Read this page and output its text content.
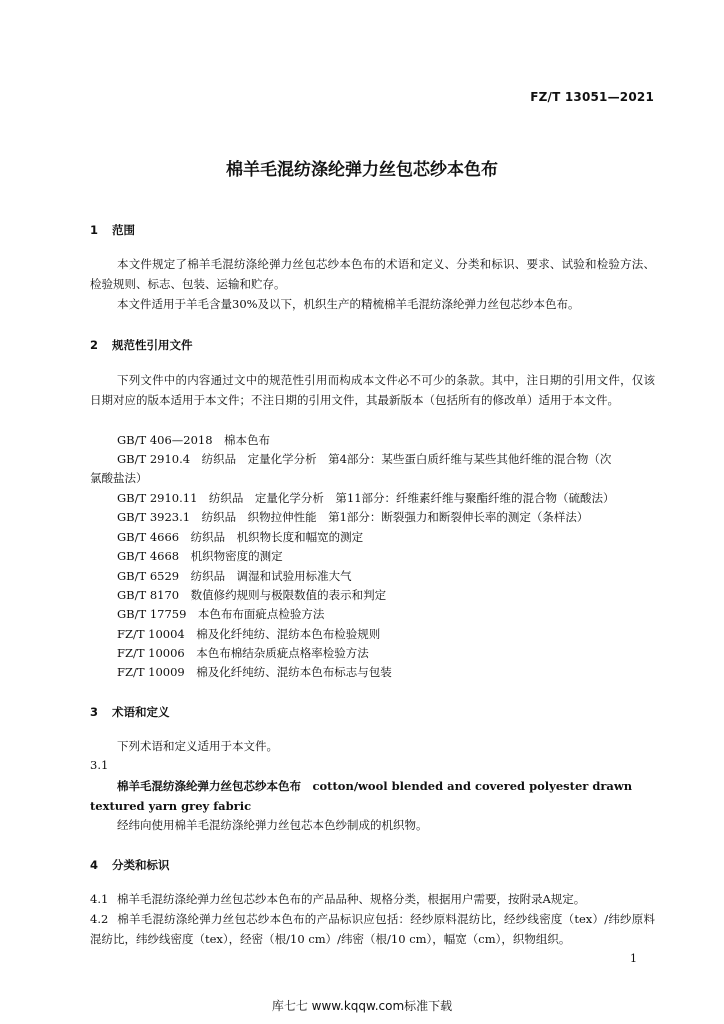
FZ/T 13051—2021
棉羊毛混纺涤纶弹力丝包芯纱本色布
1 范围
本文件规定了棉羊毛混纺涤纶弹力丝包芯纱本色布的术语和定义、分类和标识、要求、试验和检验方法、检验规则、标志、包装、运输和贮存。
本文件适用于羊毛含量30%及以下，机织生产的精梳棉羊毛混纺涤纶弹力丝包芯纱本色布。
2 规范性引用文件
下列文件中的内容通过文中的规范性引用而构成本文件必不可少的条款。其中，注日期的引用文件，仅该日期对应的版本适用于本文件；不注日期的引用文件，其最新版本（包括所有的修改单）适用于本文件。
GB/T 406—2018　棉本色布
GB/T 2910.4　纺织品　定量化学分析　第4部分：某些蛋白质纤维与某些其他纤维的混合物（次
氯酸盐法）
GB/T 2910.11　纺织品　定量化学分析　第11部分：纤维素纤维与聚酯纤维的混合物（硫酸法）
GB/T 3923.1　纺织品　织物拉伸性能　第1部分：断裂强力和断裂伸长率的测定（条样法）
GB/T 4666　纺织品　机织物长度和幅宽的测定
GB/T 4668　机织物密度的测定
GB/T 6529　纺织品　调湿和试验用标准大气
GB/T 8170　数值修约规则与极限数值的表示和判定
GB/T 17759　本色布布面疵点检验方法
FZ/T 10004　棉及化纤纯纺、混纺本色布检验规则
FZ/T 10006　本色布棉结杂质疵点格率检验方法
FZ/T 10009　棉及化纤纯纺、混纺本色布标志与包装
3 术语和定义
下列术语和定义适用于本文件。
3.1
棉羊毛混纺涤纶弹力丝包芯纱本色布　cotton/wool blended and covered polyester drawn textured yarn grey fabric
经纬向使用棉羊毛混纺涤纶弹力丝包芯本色纱制成的机织物。
4 分类和标识
4.1 棉羊毛混纺涤纶弹力丝包芯纱本色布的产品品种、规格分类，根据用户需要，按附录A规定。
4.2 棉羊毛混纺涤纶弹力丝包芯纱本色布的产品标识应包括：经纱原料混纺比，经纱线密度（tex）/纬纱原料混纺比，纬纱线密度（tex），经密（根/10 cm）/纬密（根/10 cm），幅宽（cm），织物组织。
1
库七七 www.kqqw.com标准下载
